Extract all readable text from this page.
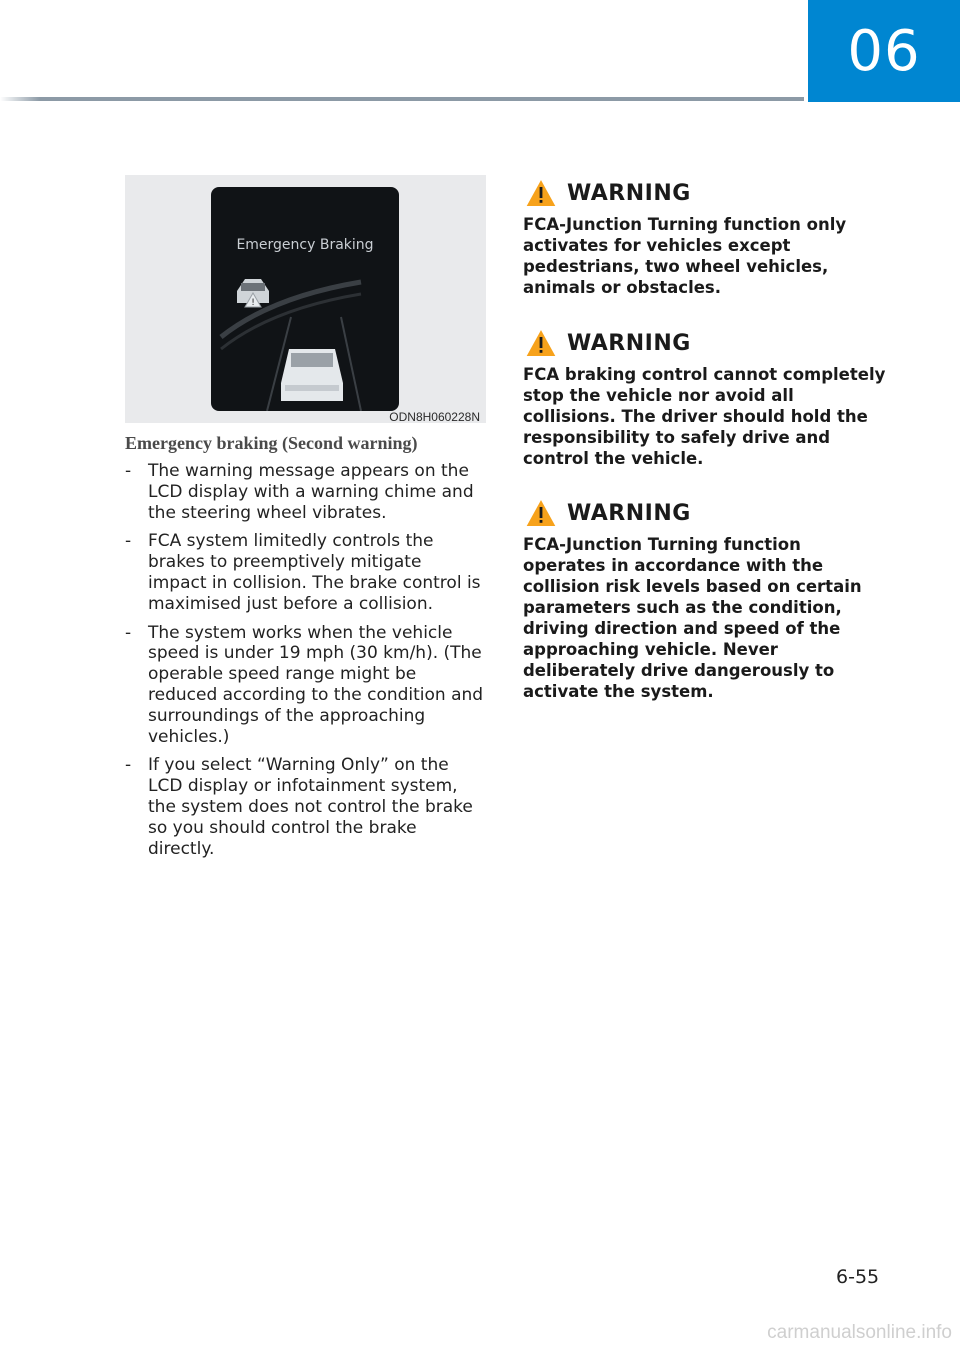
06
Emergency Braking
!
ODN8H060228N
Emergency braking (Second warning)
- The warning message appears on the LCD display with a warning chime and the steering wheel vibrates.
- FCA system limitedly controls the brakes to preemptively mitigate impact in collision. The brake control is maximised just before a collision.
- The system works when the vehicle speed is under 19 mph (30 km/h). (The operable speed range might be reduced according to the condition and surroundings of the approaching vehicles.)
- If you select “Warning Only” on the LCD display or infotainment system, the system does not control the brake so you should control the brake directly.
WARNING
FCA-Junction Turning function only activates for vehicles except pedestrians, two wheel vehicles, animals or obstacles.
WARNING
FCA braking control cannot completely stop the vehicle nor avoid all collisions. The driver should hold the responsibility to safely drive and control the vehicle.
WARNING
FCA-Junction Turning function operates in accordance with the collision risk levels based on certain parameters such as the condition, driving direction and speed of the approaching vehicle. Never deliberately drive dangerously to activate the system.
6-55
carmanualsonline.info
